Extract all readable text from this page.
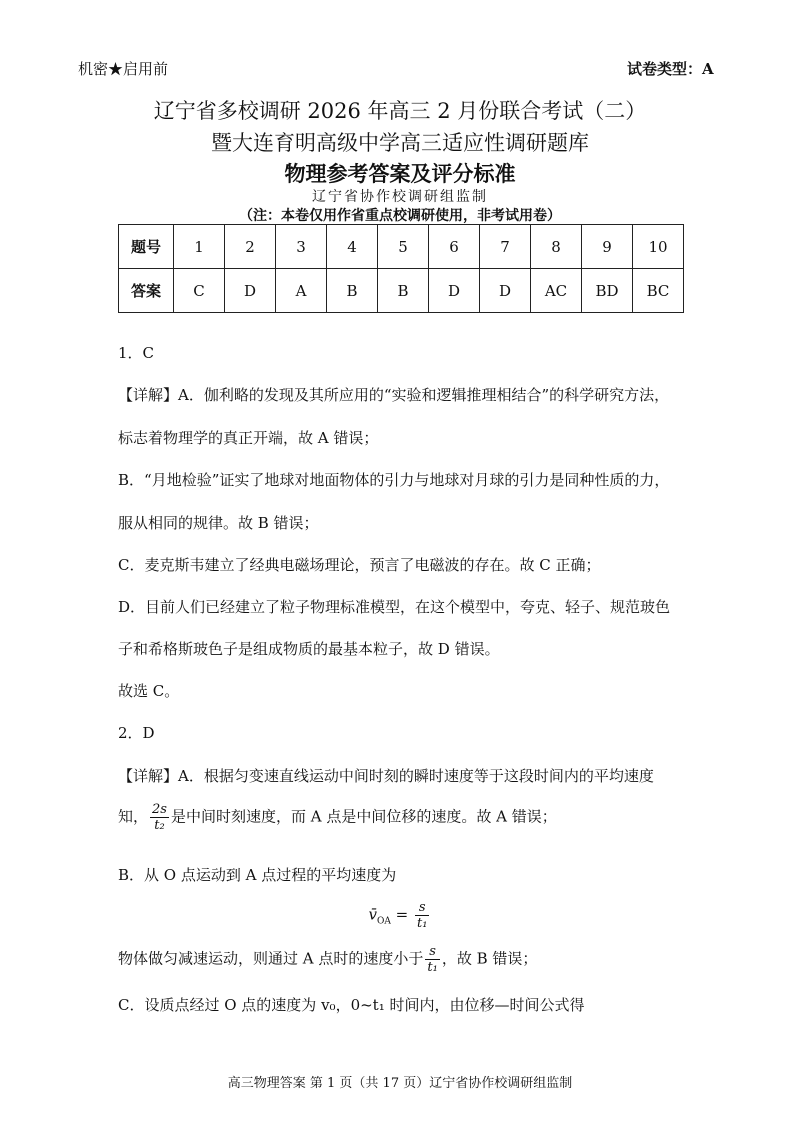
机密★启用前	试卷类型：A
辽宁省多校调研 2026 年高三 2 月份联合考试（二）
暨大连育明高级中学高三适应性调研题库
物理参考答案及评分标准
辽宁省协作校调研组监制
（注：本卷仅用作省重点校调研使用，非考试用卷）
题号	1	2	3	4	5	6	7	8	9	10
答案	C	D	A	B	B	D	D	AC	BD	BC
1．C
【详解】A．伽利略的发现及其所应用的“实验和逻辑推理相结合”的科学研究方法，
标志着物理学的真正开端，故 A 错误；
B．“月地检验”证实了地球对地面物体的引力与地球对月球的引力是同种性质的力，
服从相同的规律。故 B 错误；
C．麦克斯韦建立了经典电磁场理论，预言了电磁波的存在。故 C 正确；
D．目前人们已经建立了粒子物理标准模型，在这个模型中，夸克、轻子、规范玻色
子和希格斯玻色子是组成物质的最基本粒子，故 D 错误。
故选 C。
2．D
【详解】A．根据匀变速直线运动中间时刻的瞬时速度等于这段时间内的平均速度
知， $\frac{2s}{\text{t₂}}$ 是中间时刻速度，而 A 点是中间位移的速度。故 A 错误；
B．从 O 点运动到 A 点过程的平均速度为
$v̄_{OA} = \frac{s}{\text{t₁}}$
物体做匀减速运动，则通过 A 点时的速度小于 $\frac{s}{\text{t₁}}$ ，故 B 错误；
C．设质点经过 O 点的速度为 v₀，0~t₁ 时间内，由位移—时间公式得
高三物理答案 第 1 页（共 17 页）辽宁省协作校调研组监制
